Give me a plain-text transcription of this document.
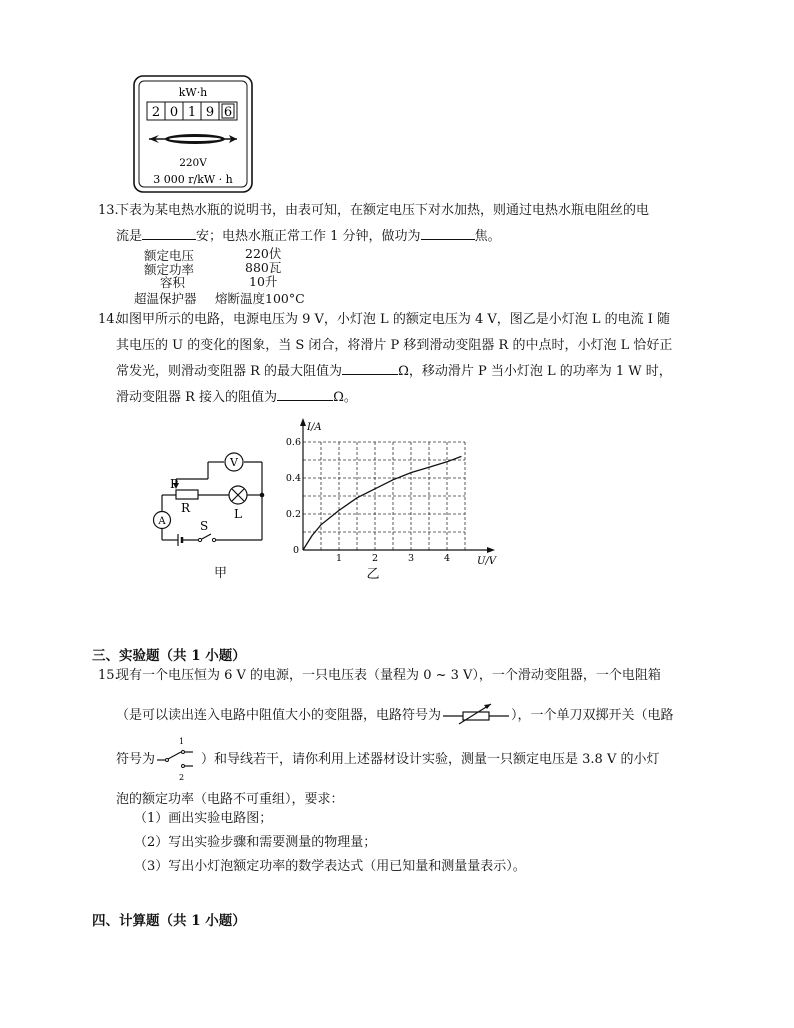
kW·h
2 0 1 9 6
220V
3 000 r/kW · h
13.下表为某电热水瓶的说明书，由表可知，在额定电压下对水加热，则通过电热水瓶电阻丝的电
流是	安；电热水瓶正常工作 1 分钟，做功为	焦。
额定电压	220伏
额定功率	880瓦
容积	10升
超温保护器 熔断温度100°C
14.如图甲所示的电路，电源电压为 9 V，小灯泡 L 的额定电压为 4 V，图乙是小灯泡 L 的电流 I 随
其电压的 U 的变化的图象，当 S 闭合，将滑片 P 移到滑动变阻器 R 的中点时，小灯泡 L 恰好正
常发光，则滑动变阻器 R 的最大阻值为	Ω，移动滑片 P 当小灯泡 L 的功率为 1 W 时，
滑动变阻器 R 接入的阻值为	Ω。
V
A
P
R	L
S
甲
1	2	3	4
0.2
0.4
0.6
0
U/V
I/A
乙
三、实验题（共 1 小题）
15.现有一个电压恒为 6 V 的电源，一只电压表（量程为 0 ~ 3 V），一个滑动变阻器，一个电阻箱
（是可以读出连入电路中阻值大小的变阻器，电路符号为	），一个单刀双掷开关（电路
符号为
1
2
）和导线若干，请你利用上述器材设计实验，测量一只额定电压是 3.8 V 的小灯
泡的额定功率（电路不可重组），要求：
（1）画出实验电路图；
（2）写出实验步骤和需要测量的物理量；
（3）写出小灯泡额定功率的数学表达式（用已知量和测量量表示）。
四、计算题（共 1 小题）
